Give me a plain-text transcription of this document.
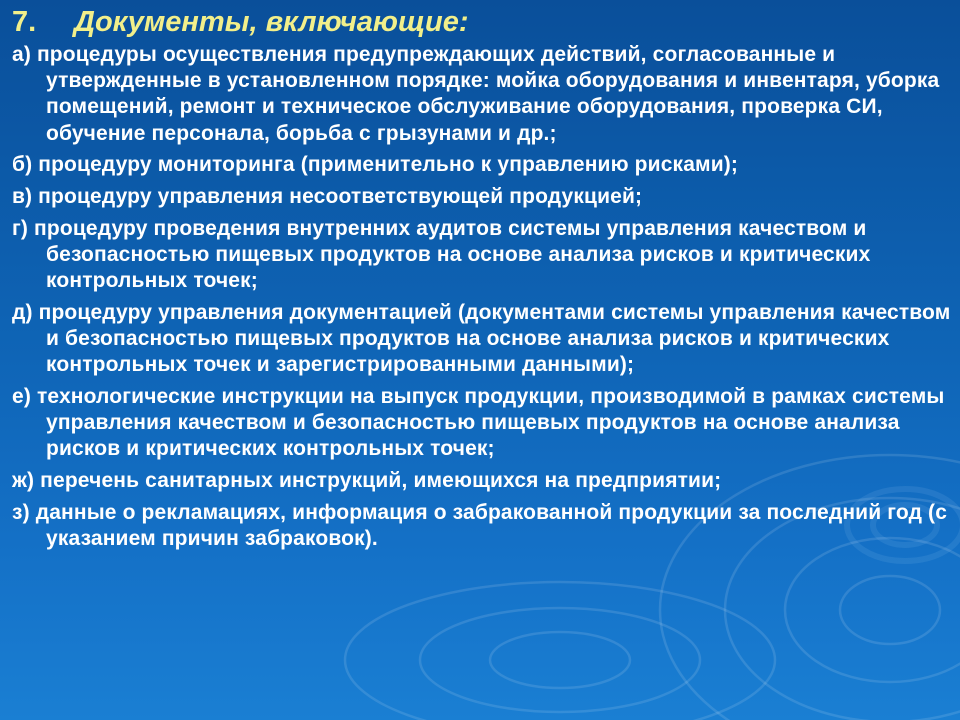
7. Документы, включающие:
а) процедуры осуществления предупреждающих действий, согласованные и утвержденные в установленном порядке: мойка оборудования и инвентаря, уборка помещений, ремонт и техническое обслуживание оборудования, проверка СИ, обучение персонала, борьба с грызунами и др.;
б) процедуру мониторинга (применительно к управлению рисками);
в) процедуру управления несоответствующей продукцией;
г) процедуру проведения внутренних аудитов системы управления качеством и безопасностью пищевых продуктов на основе анализа рисков и критических контрольных точек;
д) процедуру управления документацией (документами системы управления качеством и безопасностью пищевых продуктов на основе анализа рисков и критических контрольных точек и зарегистрированными данными);
е) технологические инструкции на выпуск продукции, производимой в рамках системы управления качеством и безопасностью пищевых продуктов на основе анализа рисков и критических контрольных точек;
ж) перечень санитарных инструкций, имеющихся на предприятии;
з) данные о рекламациях, информация о забракованной продукции за последний год (с указанием причин забраковок).
